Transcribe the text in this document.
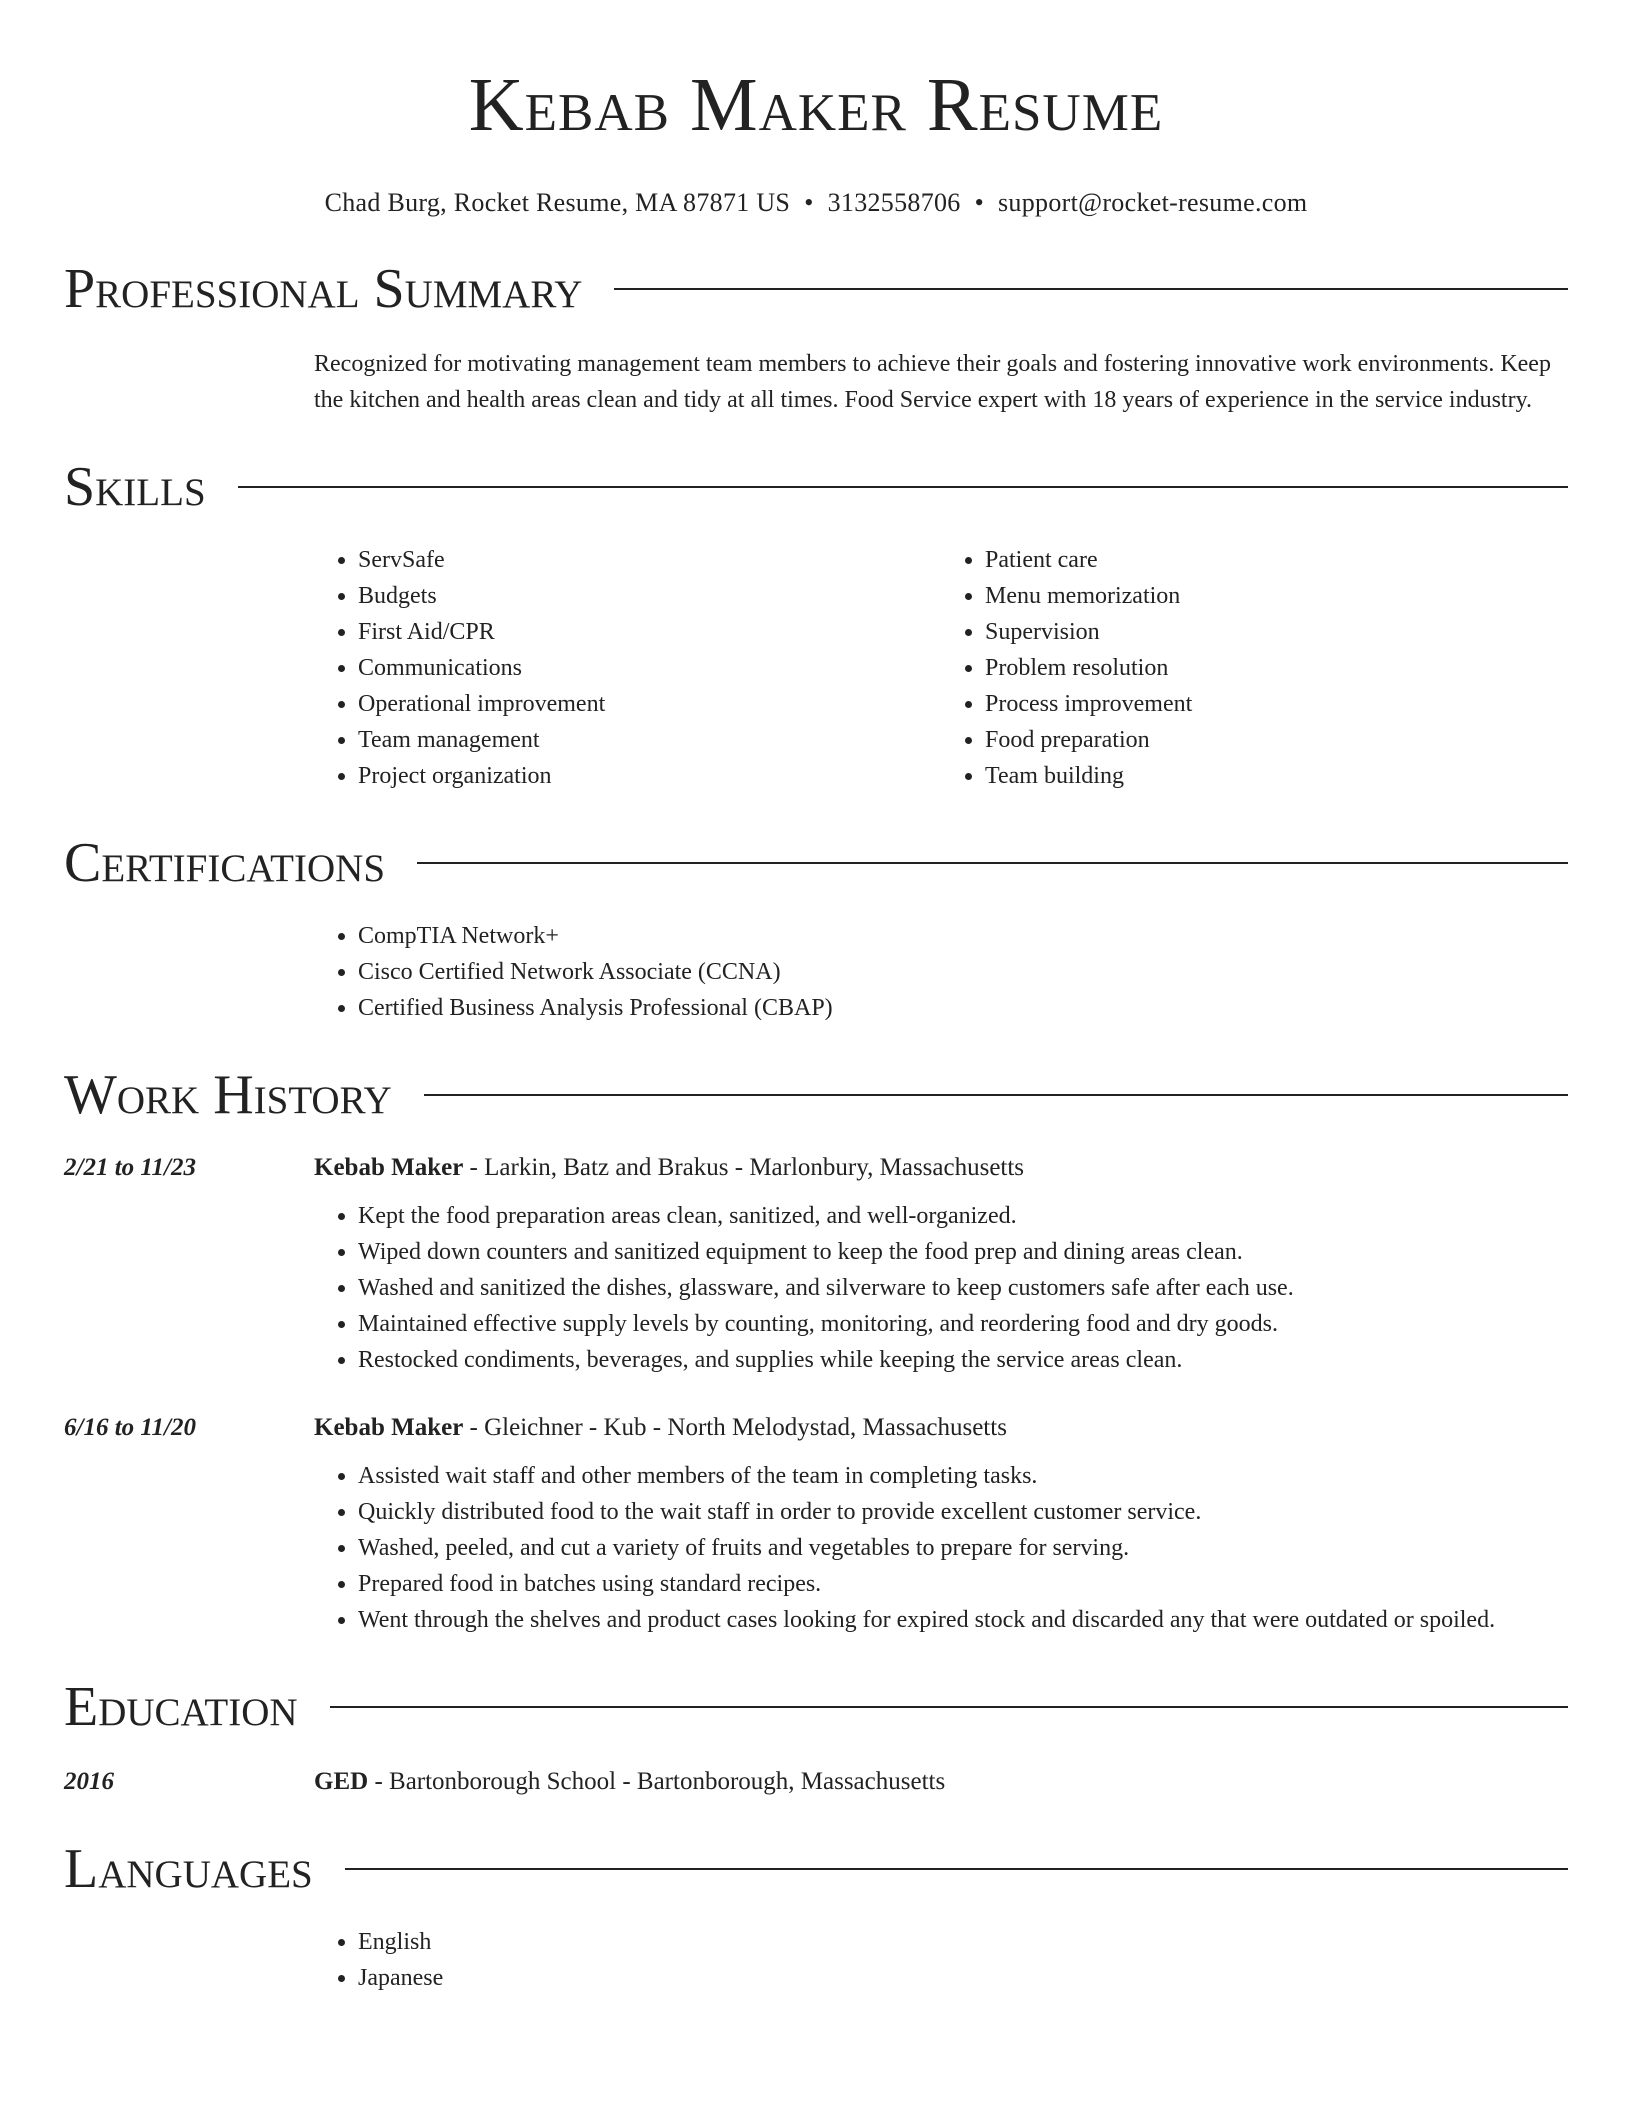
Kebab Maker Resume
Chad Burg, Rocket Resume, MA 87871 US • 3132558706 • support@rocket-resume.com
Professional Summary
Recognized for motivating management team members to achieve their goals and fostering innovative work environments. Keep the kitchen and health areas clean and tidy at all times. Food Service expert with 18 years of experience in the service industry.
Skills
• ServSafe
• Budgets
• First Aid/CPR
• Communications
• Operational improvement
• Team management
• Project organization
• Patient care
• Menu memorization
• Supervision
• Problem resolution
• Process improvement
• Food preparation
• Team building
Certifications
• CompTIA Network+
• Cisco Certified Network Associate (CCNA)
• Certified Business Analysis Professional (CBAP)
Work History
2/21 to 11/23	Kebab Maker - Larkin, Batz and Brakus - Marlonbury, Massachusetts
• Kept the food preparation areas clean, sanitized, and well-organized.
• Wiped down counters and sanitized equipment to keep the food prep and dining areas clean.
• Washed and sanitized the dishes, glassware, and silverware to keep customers safe after each use.
• Maintained effective supply levels by counting, monitoring, and reordering food and dry goods.
• Restocked condiments, beverages, and supplies while keeping the service areas clean.
6/16 to 11/20	Kebab Maker - Gleichner - Kub - North Melodystad, Massachusetts
• Assisted wait staff and other members of the team in completing tasks.
• Quickly distributed food to the wait staff in order to provide excellent customer service.
• Washed, peeled, and cut a variety of fruits and vegetables to prepare for serving.
• Prepared food in batches using standard recipes.
• Went through the shelves and product cases looking for expired stock and discarded any that were outdated or spoiled.
Education
2016	GED - Bartonborough School - Bartonborough, Massachusetts
Languages
• English
• Japanese
